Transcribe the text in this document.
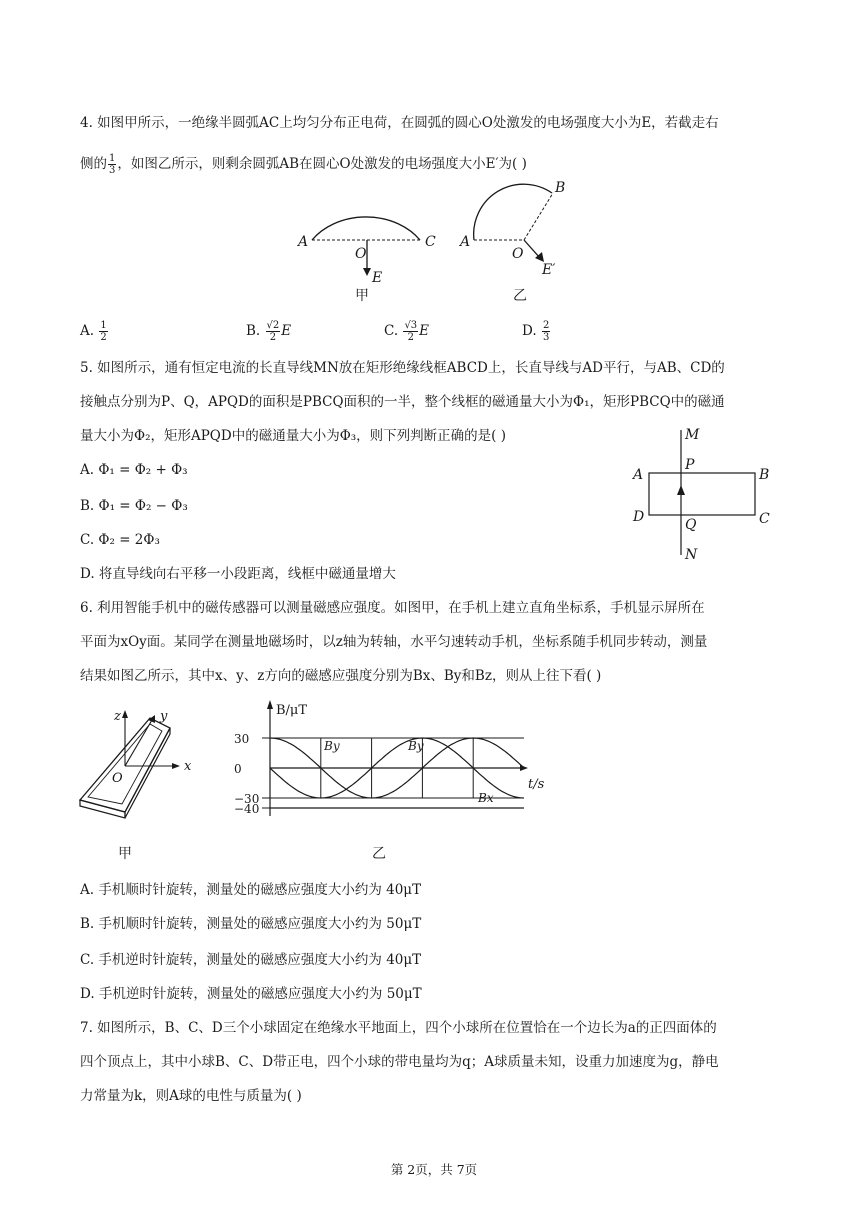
4. 如图甲所示，一绝缘半圆弧AC上均匀分布正电荷，在圆弧的圆心O处激发的电场强度大小为E，若截走右
侧的 $\frac{1}{3}$ ，如图乙所示，则剩余圆弧AB在圆心O处激发的电场强度大小E′为( )
A	C
O
E
甲
A
B
O
E′
乙
A. $\frac{1}{2}$	B. $\frac{√2}{2}$ E	C. $\frac{√3}{2}$ E	D. $\frac{2}{3}$
5. 如图所示，通有恒定电流的长直导线MN放在矩形绝缘线框ABCD上，长直导线与AD平行，与AB、CD的
接触点分别为P、Q，APQD的面积是PBCQ面积的一半，整个线框的磁通量大小为Φ₁，矩形PBCQ中的磁通
量大小为Φ₂，矩形APQD中的磁通量大小为Φ₃，则下列判断正确的是( )
A. Φ₁ = Φ₂ + Φ₃
B. Φ₁ = Φ₂ − Φ₃
C. Φ₂ = 2Φ₃
D. 将直导线向右平移一小段距离，线框中磁通量增大
M
N
P
Q
A	B
C
D
6. 利用智能手机中的磁传感器可以测量磁感应强度。如图甲，在手机上建立直角坐标系，手机显示屏所在
平面为xOy面。某同学在测量地磁场时，以z轴为转轴，水平匀速转动手机，坐标系随手机同步转动，测量
结果如图乙所示，其中x、y、z方向的磁感应强度分别为Bx、By和Bz，则从上往下看( )
z	y
x
O
甲
B/μT
t/s
30
0
−30
−40
By	By
Bx
乙
A. 手机顺时针旋转，测量处的磁感应强度大小约为 40μT
B. 手机顺时针旋转，测量处的磁感应强度大小约为 50μT
C. 手机逆时针旋转，测量处的磁感应强度大小约为 40μT
D. 手机逆时针旋转，测量处的磁感应强度大小约为 50μT
7. 如图所示，B、C、D三个小球固定在绝缘水平地面上，四个小球所在位置恰在一个边长为a的正四面体的
四个顶点上，其中小球B、C、D带正电，四个小球的带电量均为q；A球质量未知，设重力加速度为g，静电
力常量为k，则A球的电性与质量为( )
第 2页，共 7页
